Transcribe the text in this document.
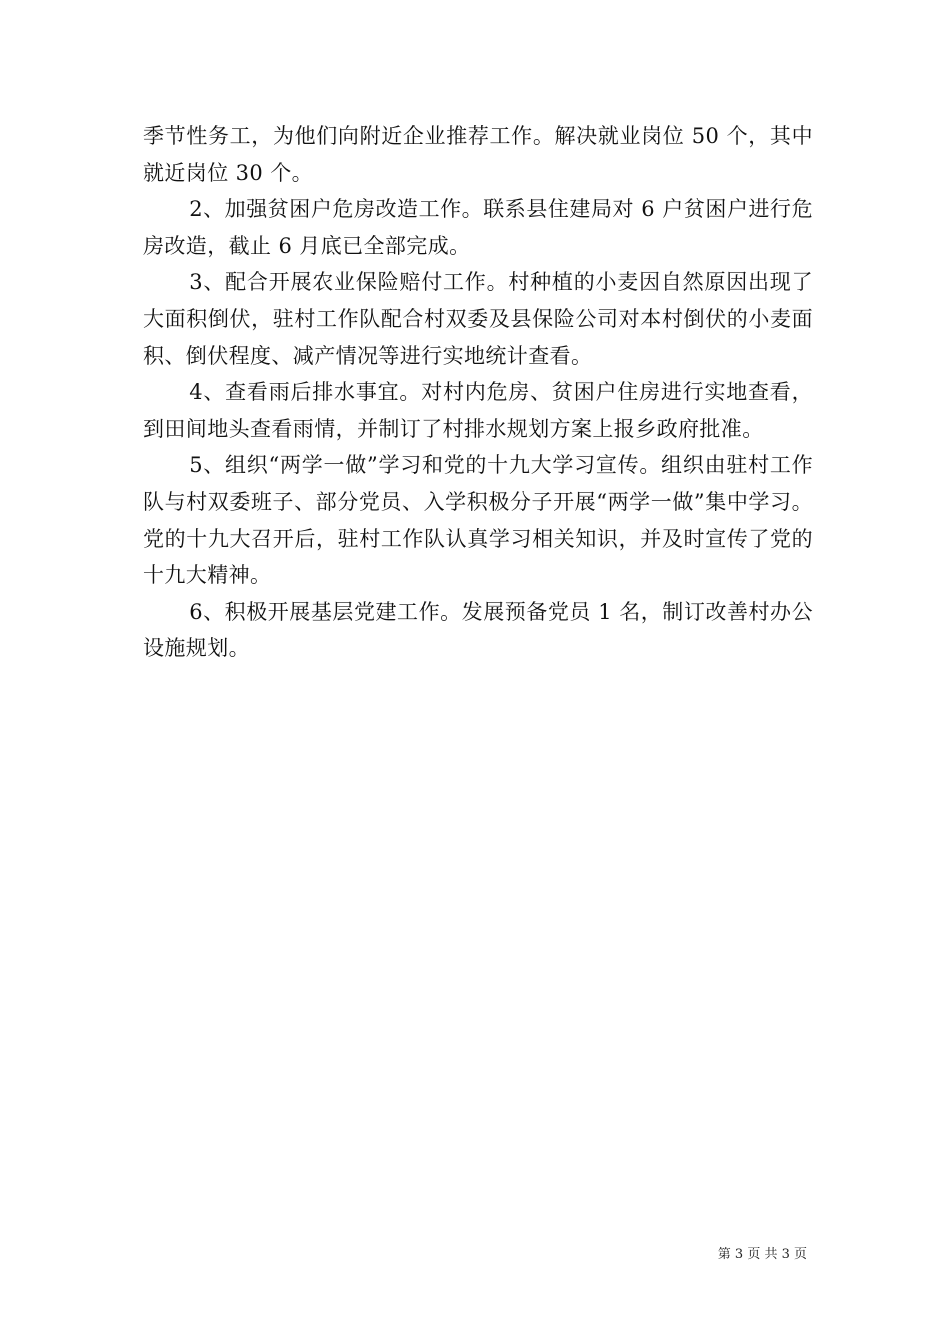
季节性务工，为他们向附近企业推荐工作。解决就业岗位 50 个，其中就近岗位 30 个。

2、加强贫困户危房改造工作。联系县住建局对 6 户贫困户进行危房改造，截止 6 月底已全部完成。

3、配合开展农业保险赔付工作。村种植的小麦因自然原因出现了大面积倒伏，驻村工作队配合村双委及县保险公司对本村倒伏的小麦面积、倒伏程度、减产情况等进行实地统计查看。

4、查看雨后排水事宜。对村内危房、贫困户住房进行实地查看，到田间地头查看雨情，并制订了村排水规划方案上报乡政府批准。

5、组织“两学一做”学习和党的十九大学习宣传。组织由驻村工作队与村双委班子、部分党员、入学积极分子开展“两学一做”集中学习。党的十九大召开后，驻村工作队认真学习相关知识，并及时宣传了党的十九大精神。

6、积极开展基层党建工作。发展预备党员 1 名，制订改善村办公设施规划。

第 3 页 共 3 页
